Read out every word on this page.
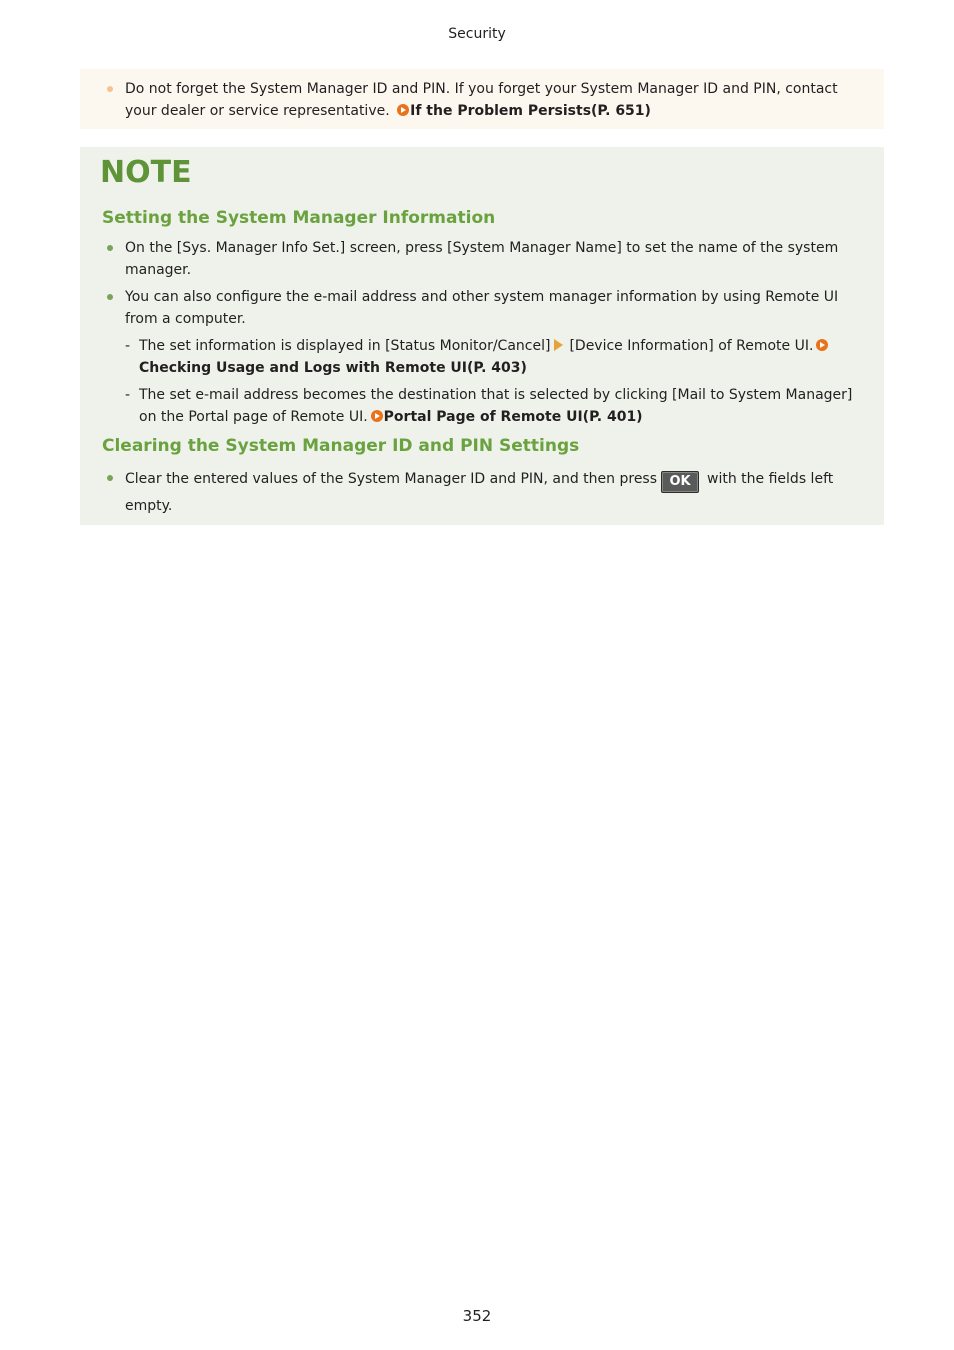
Security
Do not forget the System Manager ID and PIN. If you forget your System Manager ID and PIN, contact your dealer or service representative. If the Problem Persists(P. 651)
NOTE
Setting the System Manager Information
On the [Sys. Manager Info Set.] screen, press [System Manager Name] to set the name of the system manager.
You can also configure the e-mail address and other system manager information by using Remote UI from a computer.
- The set information is displayed in [Status Monitor/Cancel] [Device Information] of Remote UI.
Checking Usage and Logs with Remote UI(P. 403)
- The set e-mail address becomes the destination that is selected by clicking [Mail to System Manager] on the Portal page of Remote UI. Portal Page of Remote UI(P. 401)
Clearing the System Manager ID and PIN Settings
Clear the entered values of the System Manager ID and PIN, and then press OK with the fields left empty.
352
